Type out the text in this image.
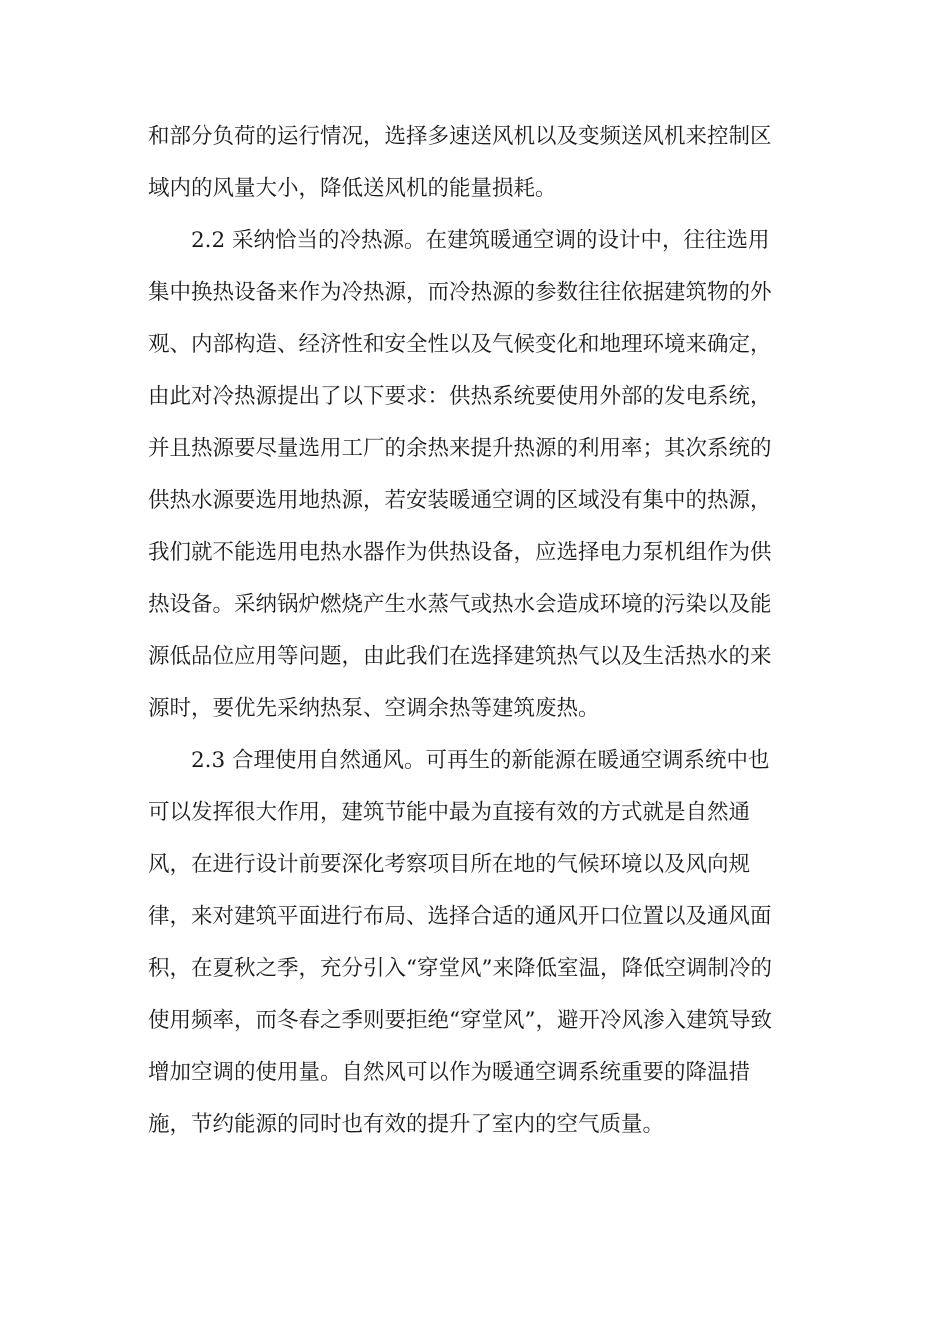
和部分负荷的运行情况，选择多速送风机以及变频送风机来控制区
域内的风量大小，降低送风机的能量损耗。
2.2 采纳恰当的冷热源。在建筑暖通空调的设计中，往往选用
集中换热设备来作为冷热源，而冷热源的参数往往依据建筑物的外
观、内部构造、经济性和安全性以及气候变化和地理环境来确定，
由此对冷热源提出了以下要求：供热系统要使用外部的发电系统，
并且热源要尽量选用工厂的余热来提升热源的利用率；其次系统的
供热水源要选用地热源，若安装暖通空调的区域没有集中的热源，
我们就不能选用电热水器作为供热设备，应选择电力泵机组作为供
热设备。采纳锅炉燃烧产生水蒸气或热水会造成环境的污染以及能
源低品位应用等问题，由此我们在选择建筑热气以及生活热水的来
源时，要优先采纳热泵、空调余热等建筑废热。
2.3 合理使用自然通风。可再生的新能源在暖通空调系统中也
可以发挥很大作用，建筑节能中最为直接有效的方式就是自然通
风，在进行设计前要深化考察项目所在地的气候环境以及风向规
律，来对建筑平面进行布局、选择合适的通风开口位置以及通风面
积，在夏秋之季，充分引入“穿堂风”来降低室温，降低空调制冷的
使用频率，而冬春之季则要拒绝“穿堂风”，避开冷风渗入建筑导致
增加空调的使用量。自然风可以作为暖通空调系统重要的降温措
施，节约能源的同时也有效的提升了室内的空气质量。
